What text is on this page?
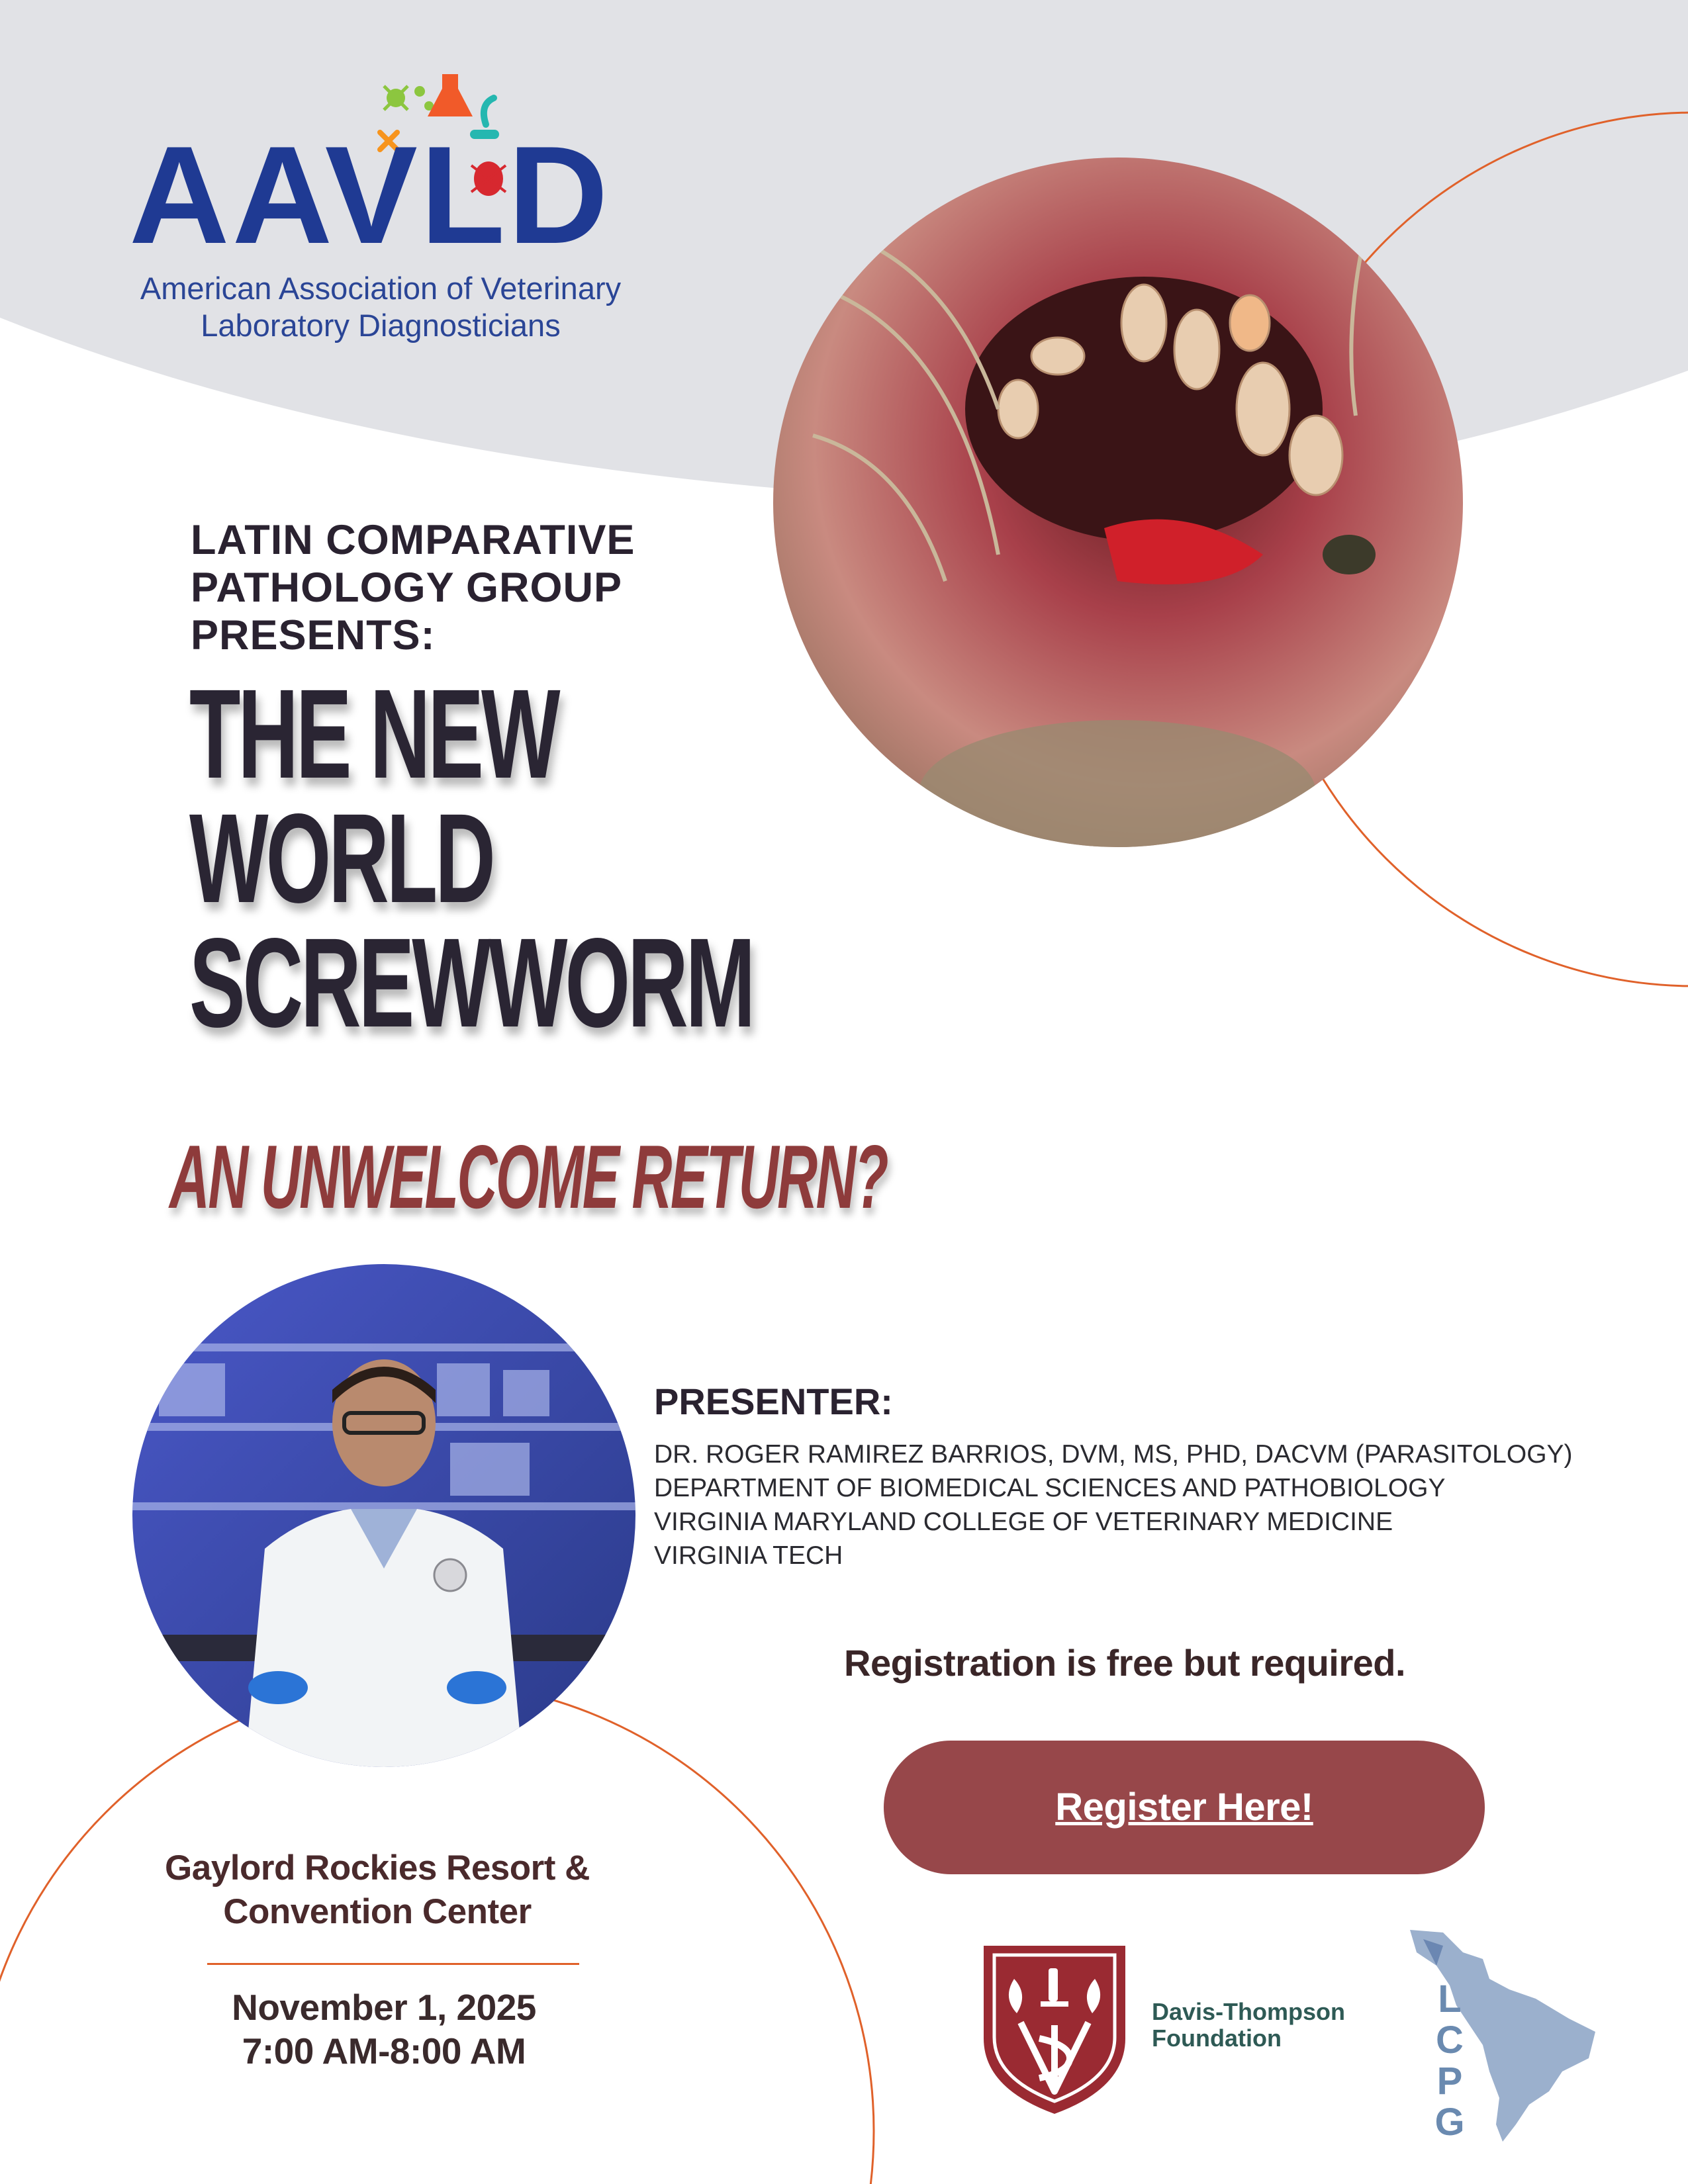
AAVLD
American Association of Veterinary
Laboratory Diagnosticians
LATIN COMPARATIVE
PATHOLOGY GROUP
PRESENTS:
THE NEW
WORLD
SCREWWORM
AN UNWELCOME RETURN?
PRESENTER:
DR. ROGER RAMIREZ BARRIOS, DVM, MS, PHD, DACVM (PARASITOLOGY)
DEPARTMENT OF BIOMEDICAL SCIENCES AND PATHOBIOLOGY
VIRGINIA MARYLAND COLLEGE OF VETERINARY MEDICINE
VIRGINIA TECH
Registration is free but required.
Register Here!
Gaylord Rockies Resort &
Convention Center
November 1, 2025
7:00 AM-8:00 AM
Davis-Thompson
Foundation
L
C
P
G
